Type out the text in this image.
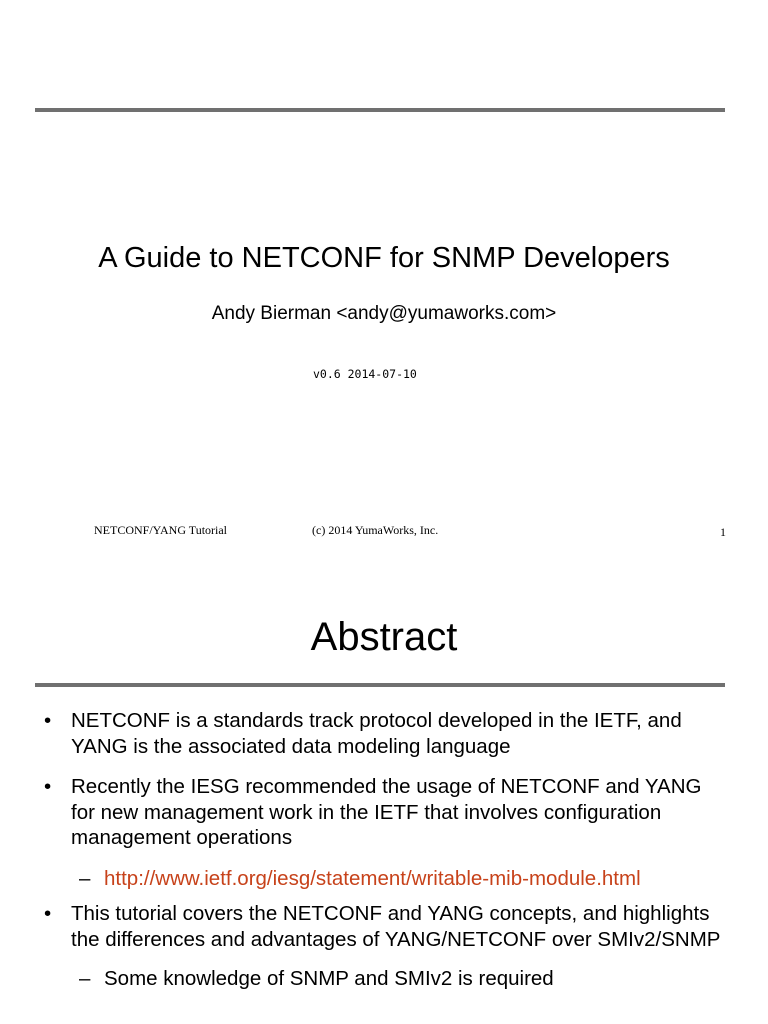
A Guide to NETCONF for SNMP Developers
Andy Bierman <andy@yumaworks.com>
v0.6 2014-07-10
NETCONF/YANG Tutorial	(c) 2014 YumaWorks, Inc.	1
Abstract
• NETCONF is a standards track protocol developed in the IETF, and YANG is the associated data modeling language
• Recently the IESG recommended the usage of NETCONF and YANG for new management work in the IETF that involves configuration management operations
– http://www.ietf.org/iesg/statement/writable-mib-module.html
• This tutorial covers the NETCONF and YANG concepts, and highlights the differences and advantages of YANG/NETCONF over SMIv2/SNMP
– Some knowledge of SNMP and SMIv2 is required
